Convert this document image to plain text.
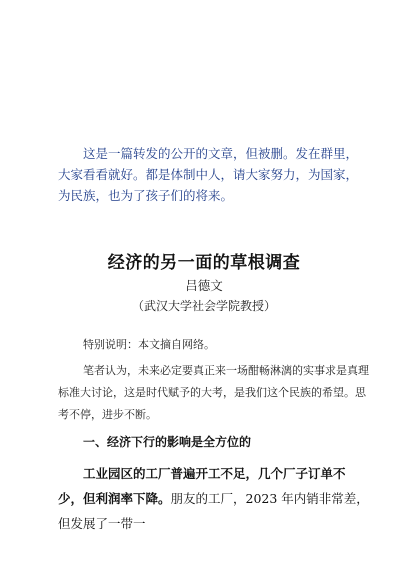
这是一篇转发的公开的文章，但被删。发在群里，大家看看就好。都是体制中人，请大家努力，为国家，为民族，也为了孩子们的将来。

经济的另一面的草根调查

吕德文

（武汉大学社会学院教授）

特别说明：本文摘自网络。

笔者认为，未来必定要真正来一场酣畅淋漓的实事求是真理标准大讨论，这是时代赋予的大考，是我们这个民族的希望。思考不停，进步不断。

一、经济下行的影响是全方位的

工业园区的工厂普遍开工不足，几个厂子订单不少，但利润率下降。朋友的工厂，2023 年内销非常差，但发展了一带一
